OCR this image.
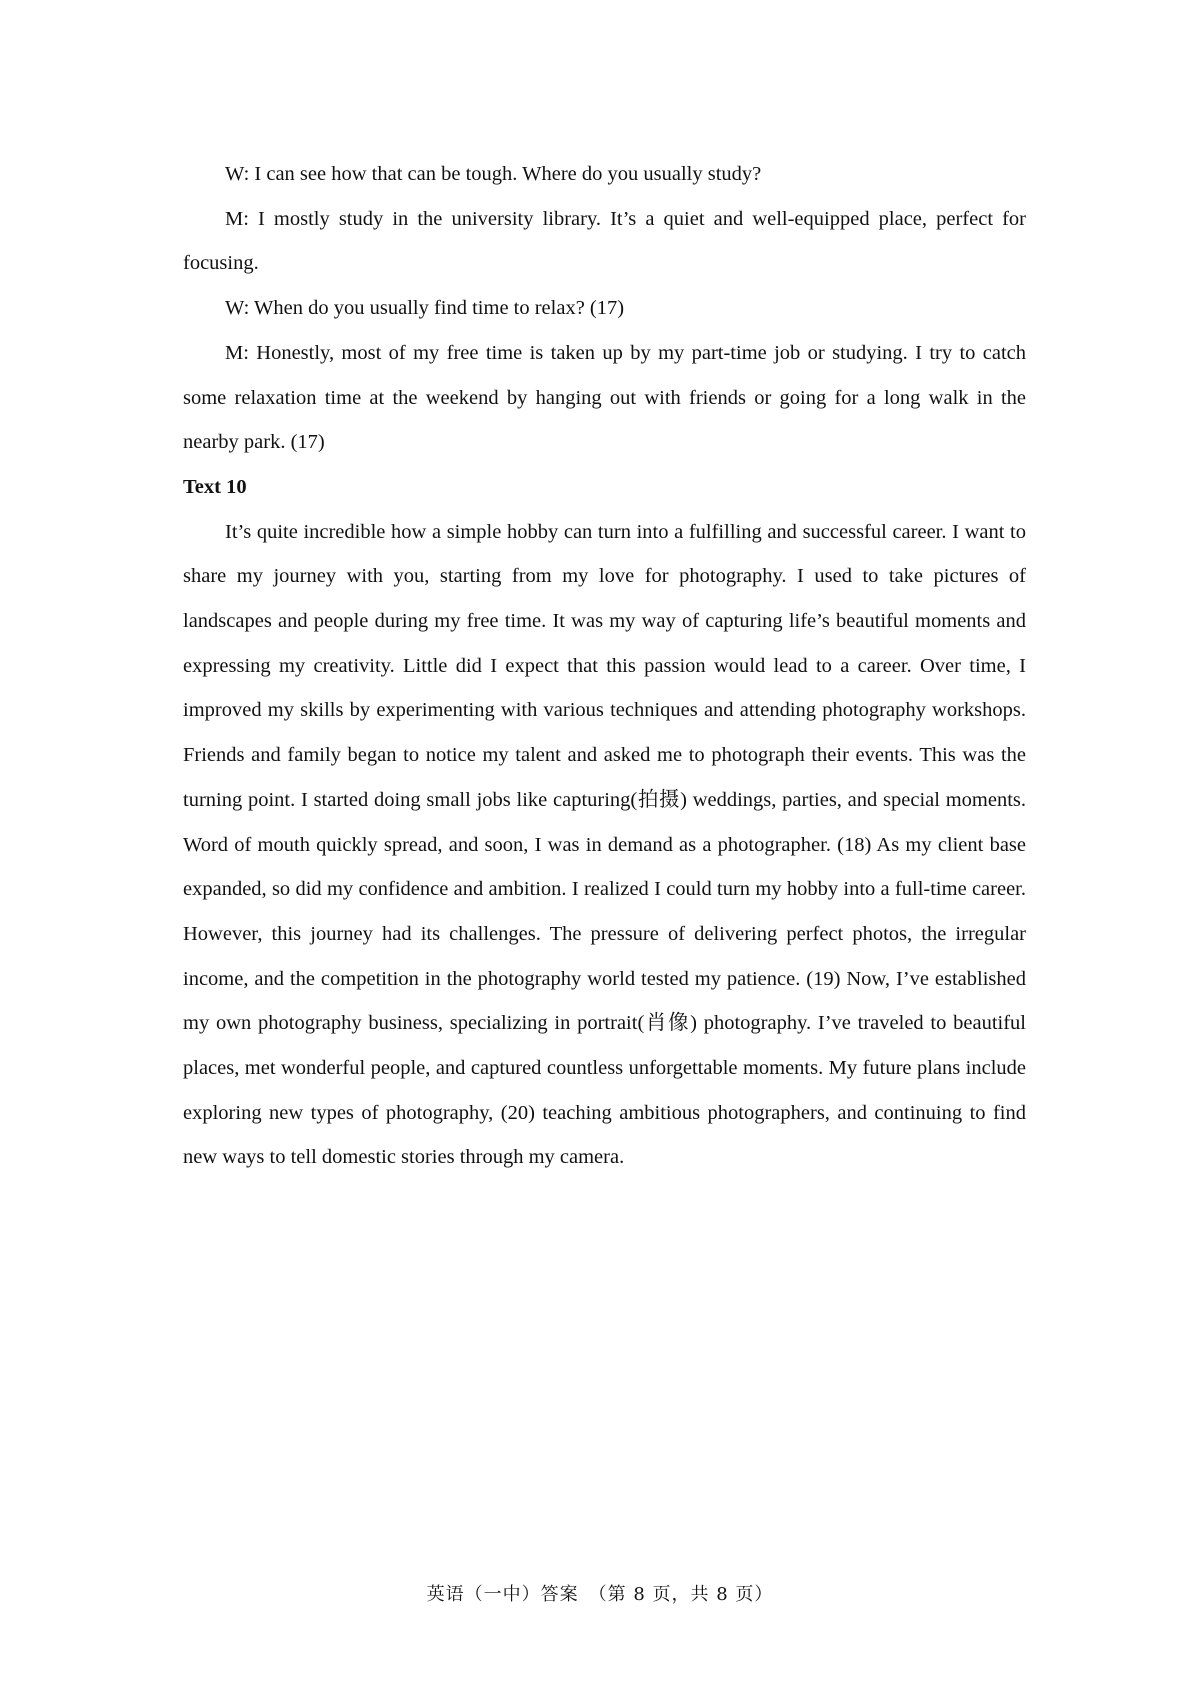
W: I can see how that can be tough. Where do you usually study?

M: I mostly study in the university library. It’s a quiet and well-equipped place, perfect for focusing.

W: When do you usually find time to relax? (17)

M: Honestly, most of my free time is taken up by my part-time job or studying. I try to catch some relaxation time at the weekend by hanging out with friends or going for a long walk in the nearby park. (17)

Text 10

It’s quite incredible how a simple hobby can turn into a fulfilling and successful career. I want to share my journey with you, starting from my love for photography. I used to take pictures of landscapes and people during my free time. It was my way of capturing life’s beautiful moments and expressing my creativity. Little did I expect that this passion would lead to a career. Over time, I improved my skills by experimenting with various techniques and attending photography workshops. Friends and family began to notice my talent and asked me to photograph their events. This was the turning point. I started doing small jobs like capturing(拍摄) weddings, parties, and special moments. Word of mouth quickly spread, and soon, I was in demand as a photographer. (18) As my client base expanded, so did my confidence and ambition. I realized I could turn my hobby into a full-time career. However, this journey had its challenges. The pressure of delivering perfect photos, the irregular income, and the competition in the photography world tested my patience. (19) Now, I’ve established my own photography business, specializing in portrait(肖像) photography. I’ve traveled to beautiful places, met wonderful people, and captured countless unforgettable moments. My future plans include exploring new types of photography, (20) teaching ambitious photographers, and continuing to find new ways to tell domestic stories through my camera.

英语（一中）答案　（第 8 页，共 8 页）
